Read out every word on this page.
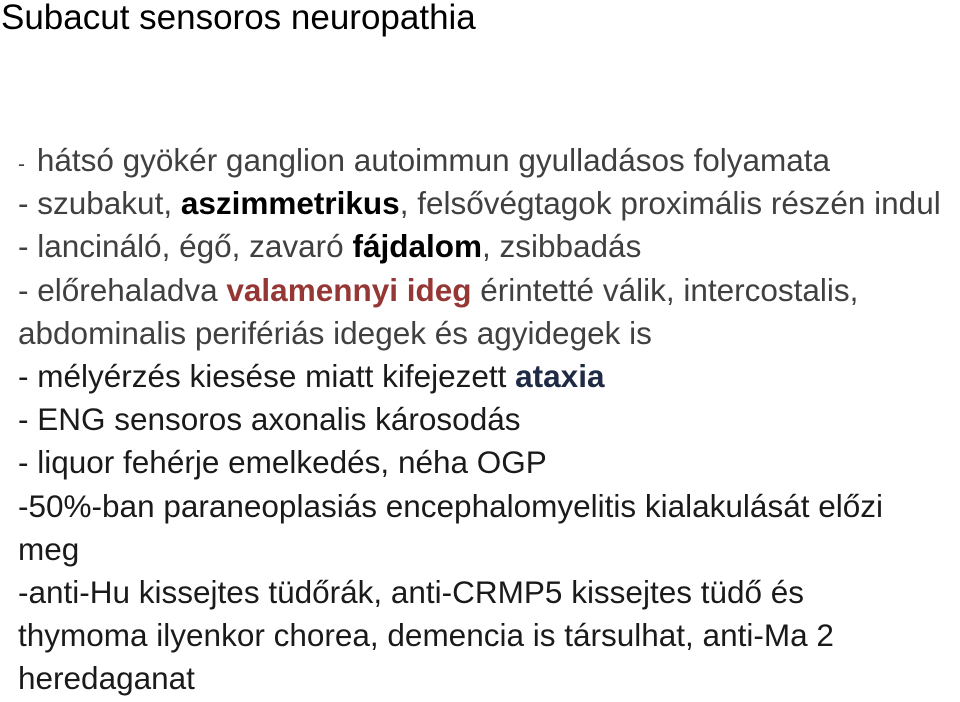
Subacut sensoros neuropathia
- hátsó gyökér ganglion autoimmun gyulladásos folyamata
- szubakut, aszimmetrikus, felsővégtagok proximális részén indul
- lancináló, égő, zavaró fájdalom, zsibbadás
- előrehaladva valamennyi ideg érintetté válik, intercostalis,
abdominalis perifériás idegek és agyidegek is
- mélyérzés kiesése miatt kifejezett ataxia
- ENG sensoros axonalis károsodás
- liquor fehérje emelkedés, néha OGP
-50%-ban paraneoplasiás encephalomyelitis kialakulását előzi
meg
-anti-Hu kissejtes tüdőrák, anti-CRMP5 kissejtes tüdő és
thymoma ilyenkor chorea, demencia is társulhat, anti-Ma 2
heredaganat
